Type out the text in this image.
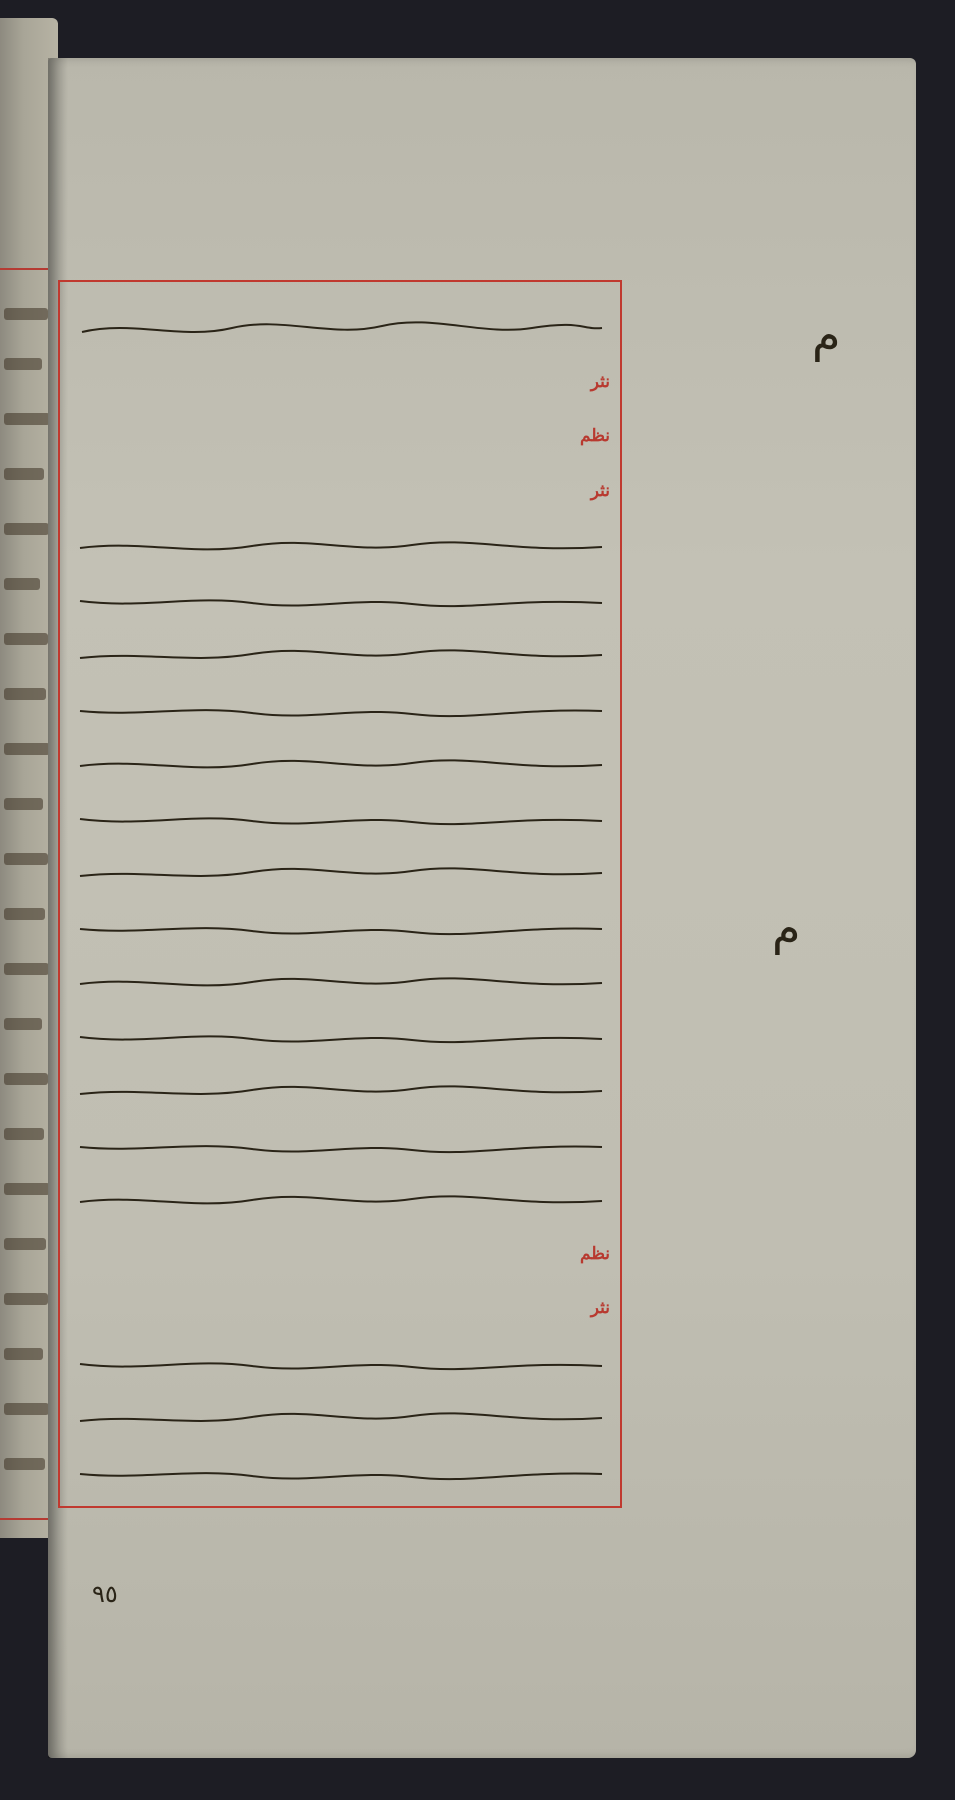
م
م
نثر
نظم
نثر
نظم
نثر
٩٥
